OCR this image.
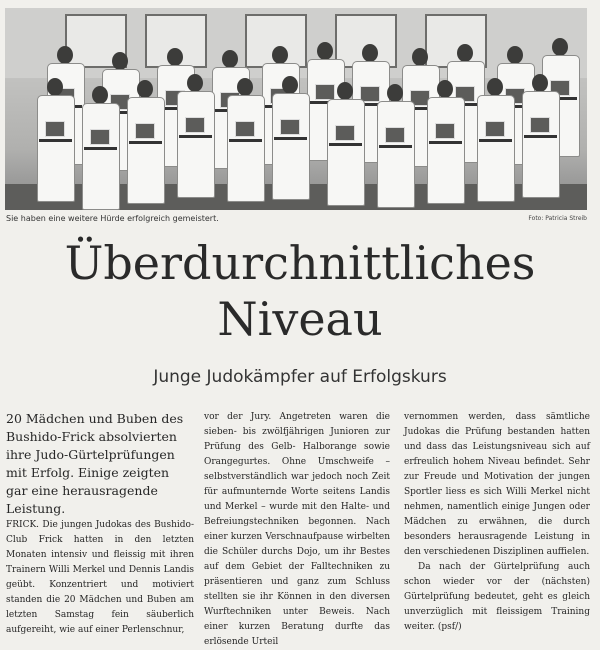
Sie haben eine weitere Hürde erfolgreich gemeistert.	Foto: Patricia Streib
Überdurchnittliches
Niveau
Junge Judokämpfer auf Erfolgskurs

20 Mädchen und Buben des Bushido-Frick absolvierten ihre Judo-Gürtelprüfungen mit Erfolg. Einige zeigten gar eine herausragende Leistung.

FRICK. Die jungen Judokas des Bushido-Club Frick hatten in den letzten Monaten intensiv und fleissig mit ihren Trainern Willi Merkel und Dennis Landis geübt. Konzentriert und motiviert standen die 20 Mädchen und Buben am letzten Samstag fein säuberlich aufgereiht, wie auf einer Perlenschnur,

vor der Jury. Angetreten waren die sieben- bis zwölfjährigen Junioren zur Prüfung des Gelb- Halborange sowie Orangegurtes. Ohne Umschweife – selbstverständlich war jedoch noch Zeit für aufmunternde Worte seitens Landis und Merkel – wurde mit den Halte- und Befreiungstechniken begonnen. Nach einer kurzen Verschnaufpause wirbelten die Schüler durchs Dojo, um ihr Bestes auf dem Gebiet der Falltechniken zu präsentieren und ganz zum Schluss stellten sie ihr Können in den diversen Wurftechniken unter Beweis. Nach einer kurzen Beratung durfte das erlösende Urteil

vernommen werden, dass sämtliche Judokas die Prüfung bestanden hatten und dass das Leistungsniveau sich auf erfreulich hohem Niveau befindet. Sehr zur Freude und Motivation der jungen Sportler liess es sich Willi Merkel nicht nehmen, namentlich einige Jungen oder Mädchen zu erwähnen, die durch besonders herausragende Leistung in den verschiedenen Disziplinen auffielen.

Da nach der Gürtelprüfung auch schon wieder vor der (nächsten) Gürtelprüfung bedeutet, geht es gleich unverzüglich mit fleissigem Training weiter. (psf/)
